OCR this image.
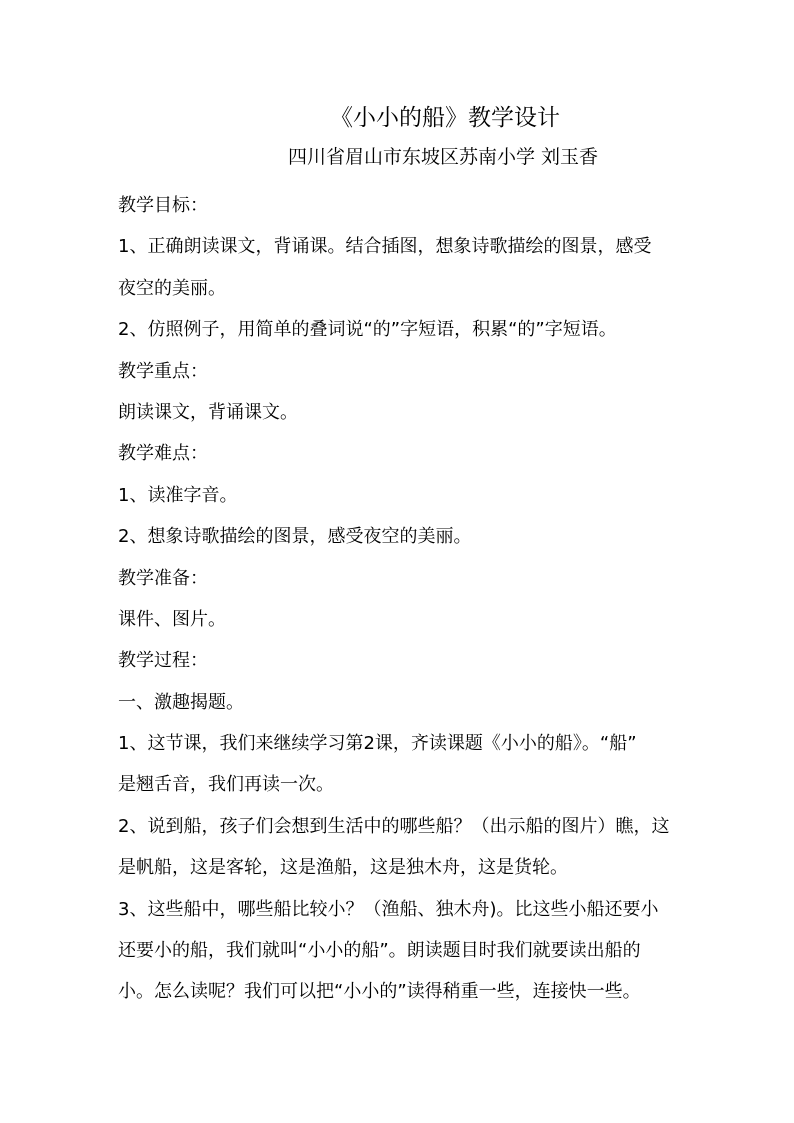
《小小的船》教学设计
四川省眉山市东坡区苏南小学 刘玉香
教学目标：
1、正确朗读课文，背诵课。结合插图，想象诗歌描绘的图景，感受
夜空的美丽。
2、仿照例子，用简单的叠词说“的”字短语，积累“的”字短语。
教学重点：
朗读课文，背诵课文。
教学难点：
1、读准字音。
2、想象诗歌描绘的图景，感受夜空的美丽。
教学准备：
课件、图片。
教学过程：
一、激趣揭题。
1、这节课，我们来继续学习第2课，齐读课题《小小的船》。“船”
是翘舌音，我们再读一次。
2、说到船，孩子们会想到生活中的哪些船？（出示船的图片）瞧，这
是帆船，这是客轮，这是渔船，这是独木舟，这是货轮。
3、这些船中，哪些船比较小？（渔船、独木舟)。比这些小船还要小
还要小的船，我们就叫“小小的船”。朗读题目时我们就要读出船的
小。怎么读呢？我们可以把“小小的”读得稍重一些，连接快一些。
